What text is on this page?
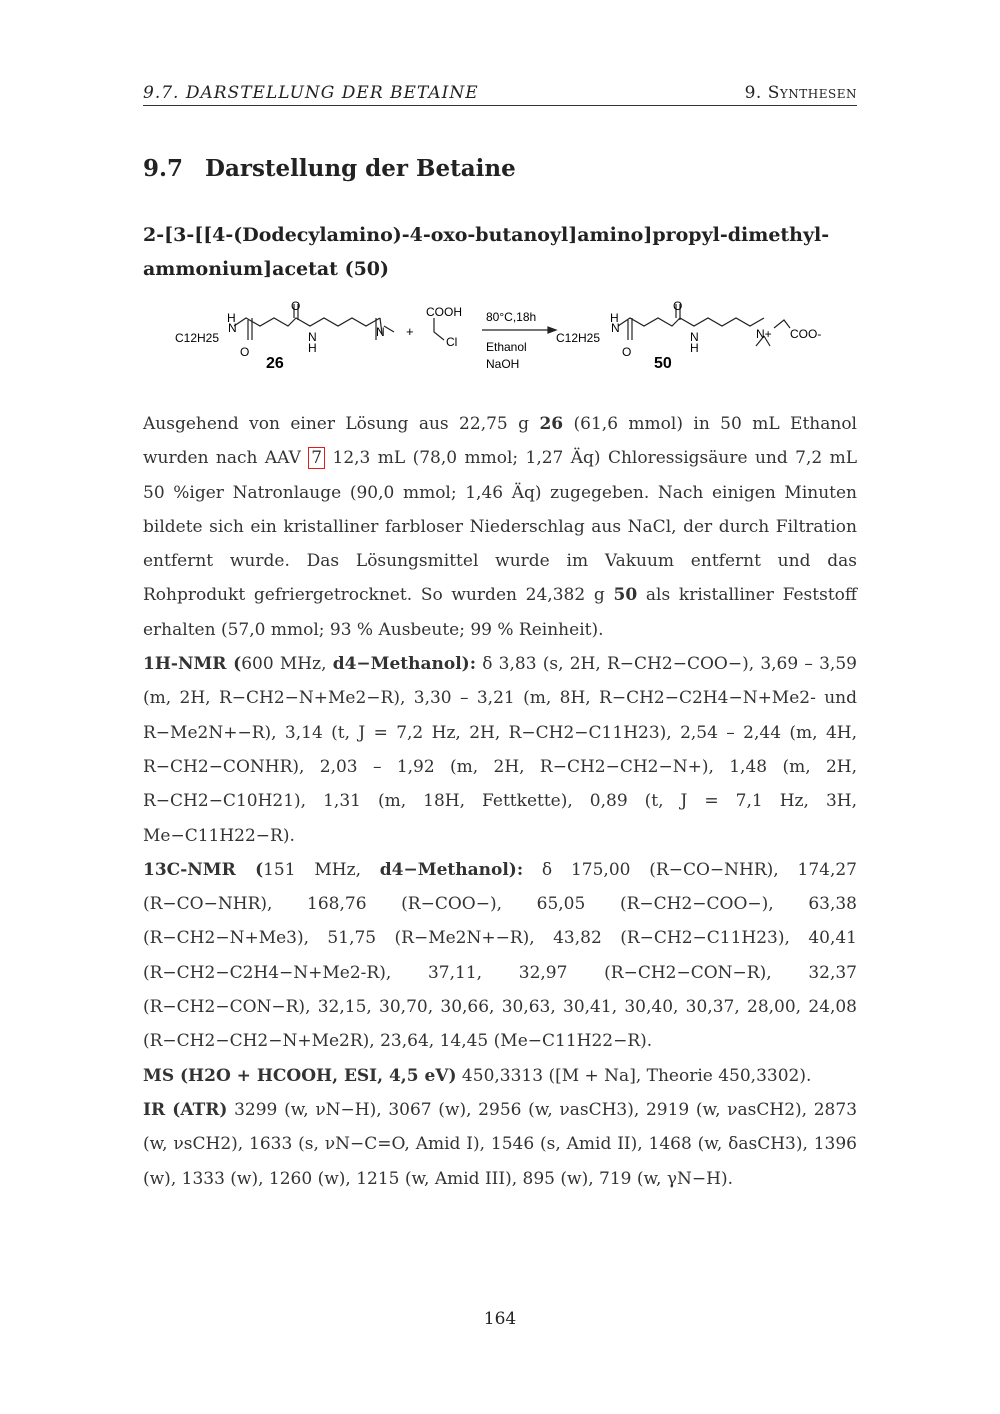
9.7. DARSTELLUNG DER BETAINE	9. Synthesen
9.7 Darstellung der Betaine
2-[3-[[4-(Dodecylamino)-4-oxo-butanoyl]amino]propyl-dimethyl-
ammonium]acetat (50)
C12H25
H
N
O
O
N
H
N
26
+
COOH
Cl
80°C,18h
Ethanol
NaOH
C12H25
H
N
O
O
N
H
N+ COO-
50

Ausgehend von einer Lösung aus 22,75 g 26 (61,6 mmol) in 50 mL Ethanol wurden nach AAV 7 12,3 mL (78,0 mmol; 1,27 Äq) Chloressigsäure und 7,2 mL 50 %iger Natronlauge (90,0 mmol; 1,46 Äq) zugegeben. Nach einigen Minuten bildete sich ein kristalliner farbloser Niederschlag aus NaCl, der durch Filtration entfernt wurde. Das Lösungsmittel wurde im Vakuum entfernt und das Rohprodukt gefriergetrocknet. So wurden 24,382 g 50 als kristalliner Feststoff erhalten (57,0 mmol; 93 % Ausbeute; 99 % Reinheit).

1H-NMR (600 MHz, d4−Methanol): δ 3,83 (s, 2H, R−CH2−COO−), 3,69 – 3,59 (m, 2H, R−CH2−N+Me2−R), 3,30 – 3,21 (m, 8H, R−CH2−C2H4−N+Me2- und R−Me2N+−R), 3,14 (t, J = 7,2 Hz, 2H, R−CH2−C11H23), 2,54 – 2,44 (m, 4H, R−CH2−CONHR), 2,03 – 1,92 (m, 2H, R−CH2−CH2−N+), 1,48 (m, 2H, R−CH2−C10H21), 1,31 (m, 18H, Fettkette), 0,89 (t, J = 7,1 Hz, 3H, Me−C11H22−R).

13C-NMR (151 MHz, d4−Methanol): δ 175,00 (R−CO−NHR), 174,27 (R−CO−NHR), 168,76 (R−COO−), 65,05 (R−CH2−COO−), 63,38 (R−CH2−N+Me3), 51,75 (R−Me2N+−R), 43,82 (R−CH2−C11H23), 40,41 (R−CH2−C2H4−N+Me2-R), 37,11, 32,97 (R−CH2−CON−R), 32,37 (R−CH2−CON−R), 32,15, 30,70, 30,66, 30,63, 30,41, 30,40, 30,37, 28,00, 24,08 (R−CH2−CH2−N+Me2R), 23,64, 14,45 (Me−C11H22−R).

MS (H2O + HCOOH, ESI, 4,5 eV) 450,3313 ([M + Na], Theorie 450,3302).

IR (ATR) 3299 (w, νN−H), 3067 (w), 2956 (w, νasCH3), 2919 (w, νasCH2), 2873 (w, νsCH2), 1633 (s, νN−C=O, Amid I), 1546 (s, Amid II), 1468 (w, δasCH3), 1396 (w), 1333 (w), 1260 (w), 1215 (w, Amid III), 895 (w), 719 (w, γN−H).

164
